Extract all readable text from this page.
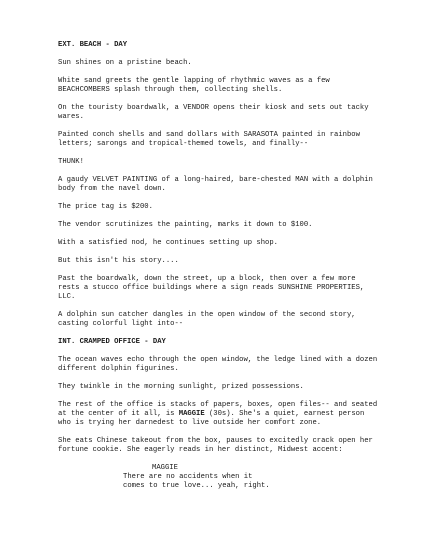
EXT. BEACH - DAY
Sun shines on a pristine beach.
White sand greets the gentle lapping of rhythmic waves as a few BEACHCOMBERS splash through them, collecting shells.
On the touristy boardwalk, a VENDOR opens their kiosk and sets out tacky wares.
Painted conch shells and sand dollars with SARASOTA painted in rainbow letters; sarongs and tropical-themed towels, and finally--
THUNK!
A gaudy VELVET PAINTING of a long-haired, bare-chested MAN with a dolphin body from the navel down.
The price tag is $200.
The vendor scrutinizes the painting, marks it down to $100.
With a satisfied nod, he continues setting up shop.
But this isn't his story....
Past the boardwalk, down the street, up a block, then over a few more rests a stucco office buildings where a sign reads SUNSHINE PROPERTIES, LLC.
A dolphin sun catcher dangles in the open window of the second story, casting colorful light into--
INT. CRAMPED OFFICE - DAY
The ocean waves echo through the open window, the ledge lined with a dozen different dolphin figurines.
They twinkle in the morning sunlight, prized possessions.
The rest of the office is stacks of papers, boxes, open files-- and seated at the center of it all, is MAGGIE (30s). She's a quiet, earnest person who is trying her darnedest to live outside her comfort zone.
She eats Chinese takeout from the box, pauses to excitedly crack open her fortune cookie. She eagerly reads in her distinct, Midwest accent:
MAGGIE
There are no accidents when it comes to true love... yeah, right.
